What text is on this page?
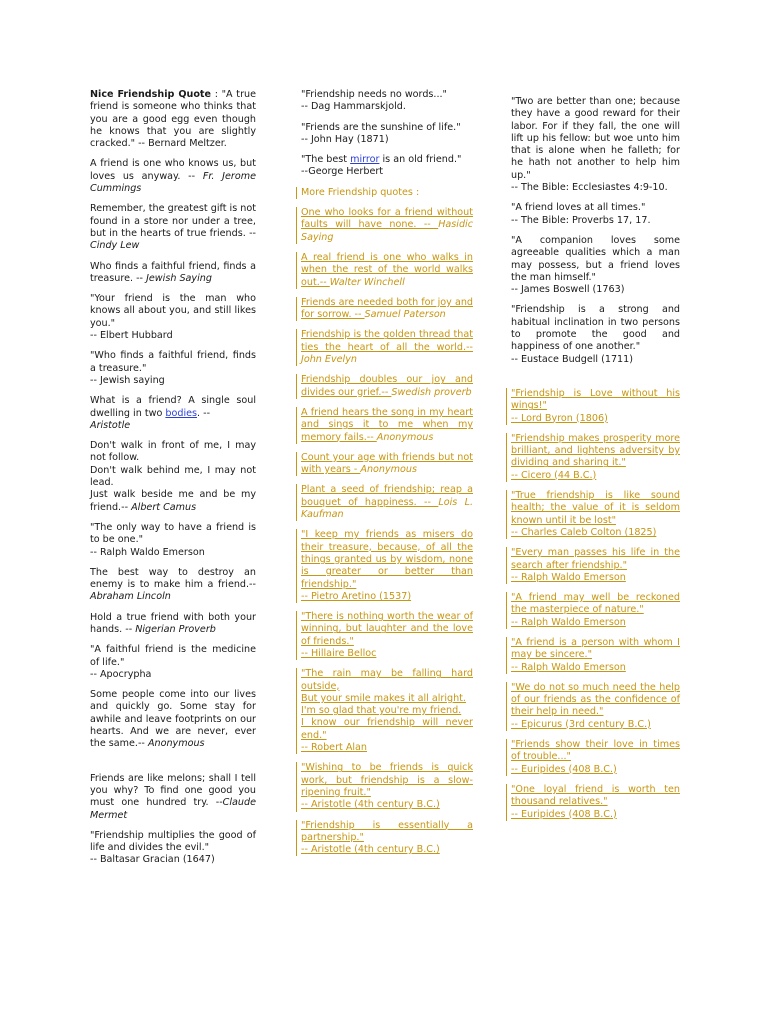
Nice Friendship Quote : "A true friend is someone who thinks that you are a good egg even though he knows that you are slightly cracked." -- Bernard Meltzer.
A friend is one who knows us, but loves us anyway. -- Fr. Jerome Cummings
Remember, the greatest gift is not found in a store nor under a tree, but in the hearts of true friends. -- Cindy Lew
Who finds a faithful friend, finds a treasure. -- Jewish Saying
"Your friend is the man who knows all about you, and still likes you."
-- Elbert Hubbard
"Who finds a faithful friend, finds a treasure."
-- Jewish saying
What is a friend? A single soul dwelling in two bodies. --
Aristotle
Don't walk in front of me, I may not follow.
Don't walk behind me, I may not lead.
Just walk beside me and be my friend.-- Albert Camus
"The only way to have a friend is to be one."
-- Ralph Waldo Emerson
The best way to destroy an enemy is to make him a friend.-- Abraham Lincoln
Hold a true friend with both your hands. -- Nigerian Proverb
"A faithful friend is the medicine of life."
-- Apocrypha
Some people come into our lives and quickly go. Some stay for awhile and leave footprints on our hearts. And we are never, ever the same.-- Anonymous
Friends are like melons; shall I tell you why? To find one good you must one hundred try. --Claude Mermet
"Friendship multiplies the good of life and divides the evil."
-- Baltasar Gracian (1647)
"Friendship needs no words..."
-- Dag Hammarskjold.
"Friends are the sunshine of life."
-- John Hay (1871)
"The best mirror is an old friend."
--George Herbert
More Friendship quotes :
One who looks for a friend without faults will have none. -- Hasidic Saying
A real friend is one who walks in when the rest of the world walks out.-- Walter Winchell
Friends are needed both for joy and for sorrow. -- Samuel Paterson
Friendship is the golden thread that ties the heart of all the world.-- John Evelyn
Friendship doubles our joy and divides our grief.-- Swedish proverb
A friend hears the song in my heart and sings it to me when my memory fails.-- Anonymous
Count your age with friends but not with years - Anonymous
Plant a seed of friendship; reap a bouquet of happiness. -- Lois L. Kaufman
"I keep my friends as misers do their treasure, because, of all the things granted us by wisdom, none is greater or better than friendship."
-- Pietro Aretino (1537)
"There is nothing worth the wear of winning, but laughter and the love of friends."
-- Hillaire Belloc
"The rain may be falling hard outside,
But your smile makes it all alright.
I'm so glad that you're my friend.
I know our friendship will never end."
-- Robert Alan
"Wishing to be friends is quick work, but friendship is a slow-ripening fruit."
-- Aristotle (4th century B.C.)
"Friendship is essentially a partnership."
-- Aristotle (4th century B.C.)
"Two are better than one; because they have a good reward for their labor. For if they fall, the one will lift up his fellow: but woe unto him that is alone when he falleth; for he hath not another to help him up."
-- The Bible: Ecclesiastes 4:9-10.
"A friend loves at all times."
-- The Bible: Proverbs 17, 17.
"A companion loves some agreeable qualities which a man may possess, but a friend loves the man himself."
-- James Boswell (1763)
"Friendship is a strong and habitual inclination in two persons to promote the good and happiness of one another."
-- Eustace Budgell (1711)
"Friendship is Love without his wings!"
-- Lord Byron (1806)
"Friendship makes prosperity more brilliant, and lightens adversity by dividing and sharing it."
-- Cicero (44 B.C.)
"True friendship is like sound health; the value of it is seldom known until it be lost"
-- Charles Caleb Colton (1825)
"Every man passes his life in the search after friendship."
-- Ralph Waldo Emerson
"A friend may well be reckoned the masterpiece of nature."
-- Ralph Waldo Emerson
"A friend is a person with whom I may be sincere."
-- Ralph Waldo Emerson
"We do not so much need the help of our friends as the confidence of their help in need."
-- Epicurus (3rd century B.C.)
"Friends show their love in times of trouble..."
-- Euripides (408 B.C.)
"One loyal friend is worth ten thousand relatives."
-- Euripides (408 B.C.)
